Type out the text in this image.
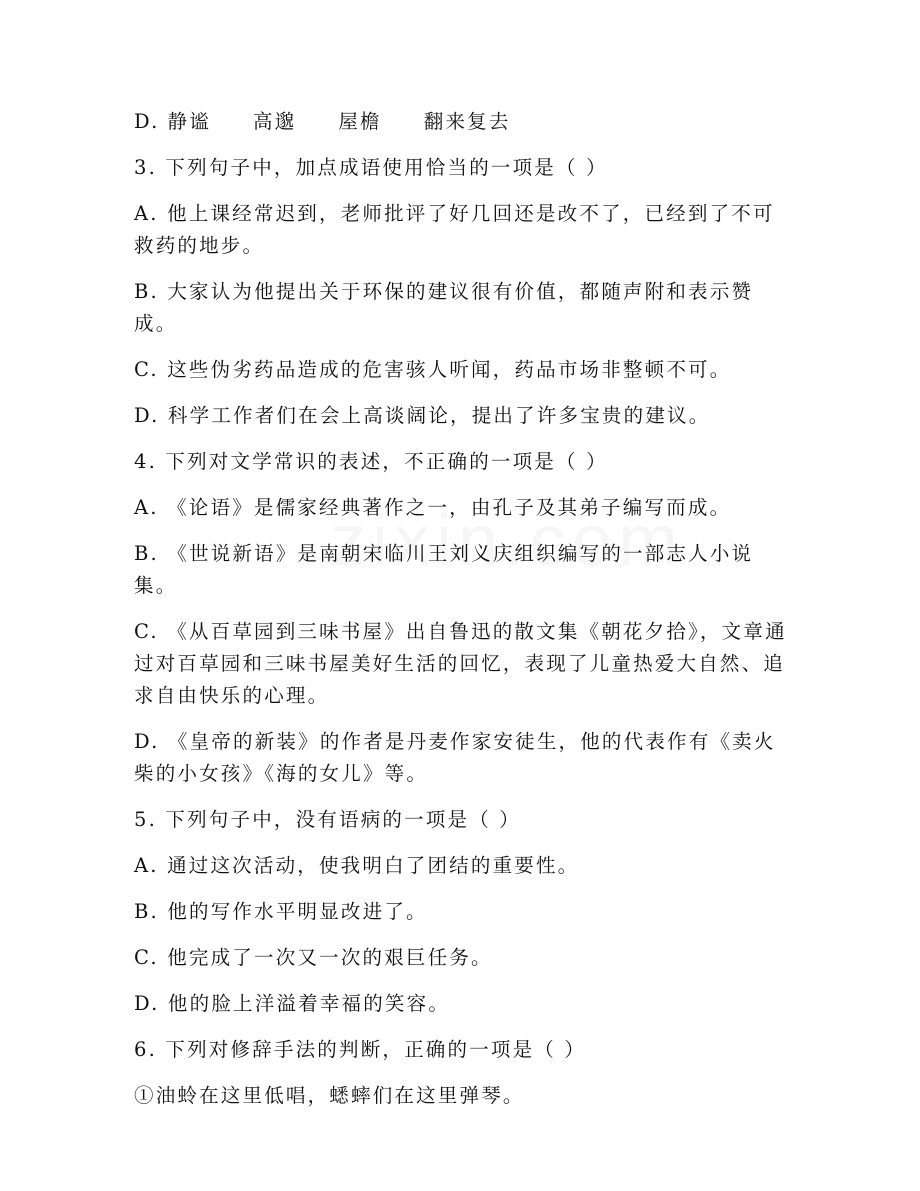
D. 静谧 高邈 屋檐 翻来复去

3. 下列句子中，加点成语使用恰当的一项是（ ）

A. 他上课经常迟到，老师批评了好几回还是改不了，已经到了不可救药的地步。

B. 大家认为他提出关于环保的建议很有价值，都随声附和表示赞成。

C. 这些伪劣药品造成的危害骇人听闻，药品市场非整顿不可。

D. 科学工作者们在会上高谈阔论，提出了许多宝贵的建议。

4. 下列对文学常识的表述，不正确的一项是（ ）

A. 《论语》是儒家经典著作之一，由孔子及其弟子编写而成。

B. 《世说新语》是南朝宋临川王刘义庆组织编写的一部志人小说集。

C. 《从百草园到三味书屋》出自鲁迅的散文集《朝花夕拾》，文章通过对百草园和三味书屋美好生活的回忆，表现了儿童热爱大自然、追求自由快乐的心理。

D. 《皇帝的新装》的作者是丹麦作家安徒生，他的代表作有《卖火柴的小女孩》《海的女儿》等。

5. 下列句子中，没有语病的一项是（ ）

A. 通过这次活动，使我明白了团结的重要性。

B. 他的写作水平明显改进了。

C. 他完成了一次又一次的艰巨任务。

D. 他的脸上洋溢着幸福的笑容。

6. 下列对修辞手法的判断，正确的一项是（ ）

①油蛉在这里低唱，蟋蟀们在这里弹琴。
